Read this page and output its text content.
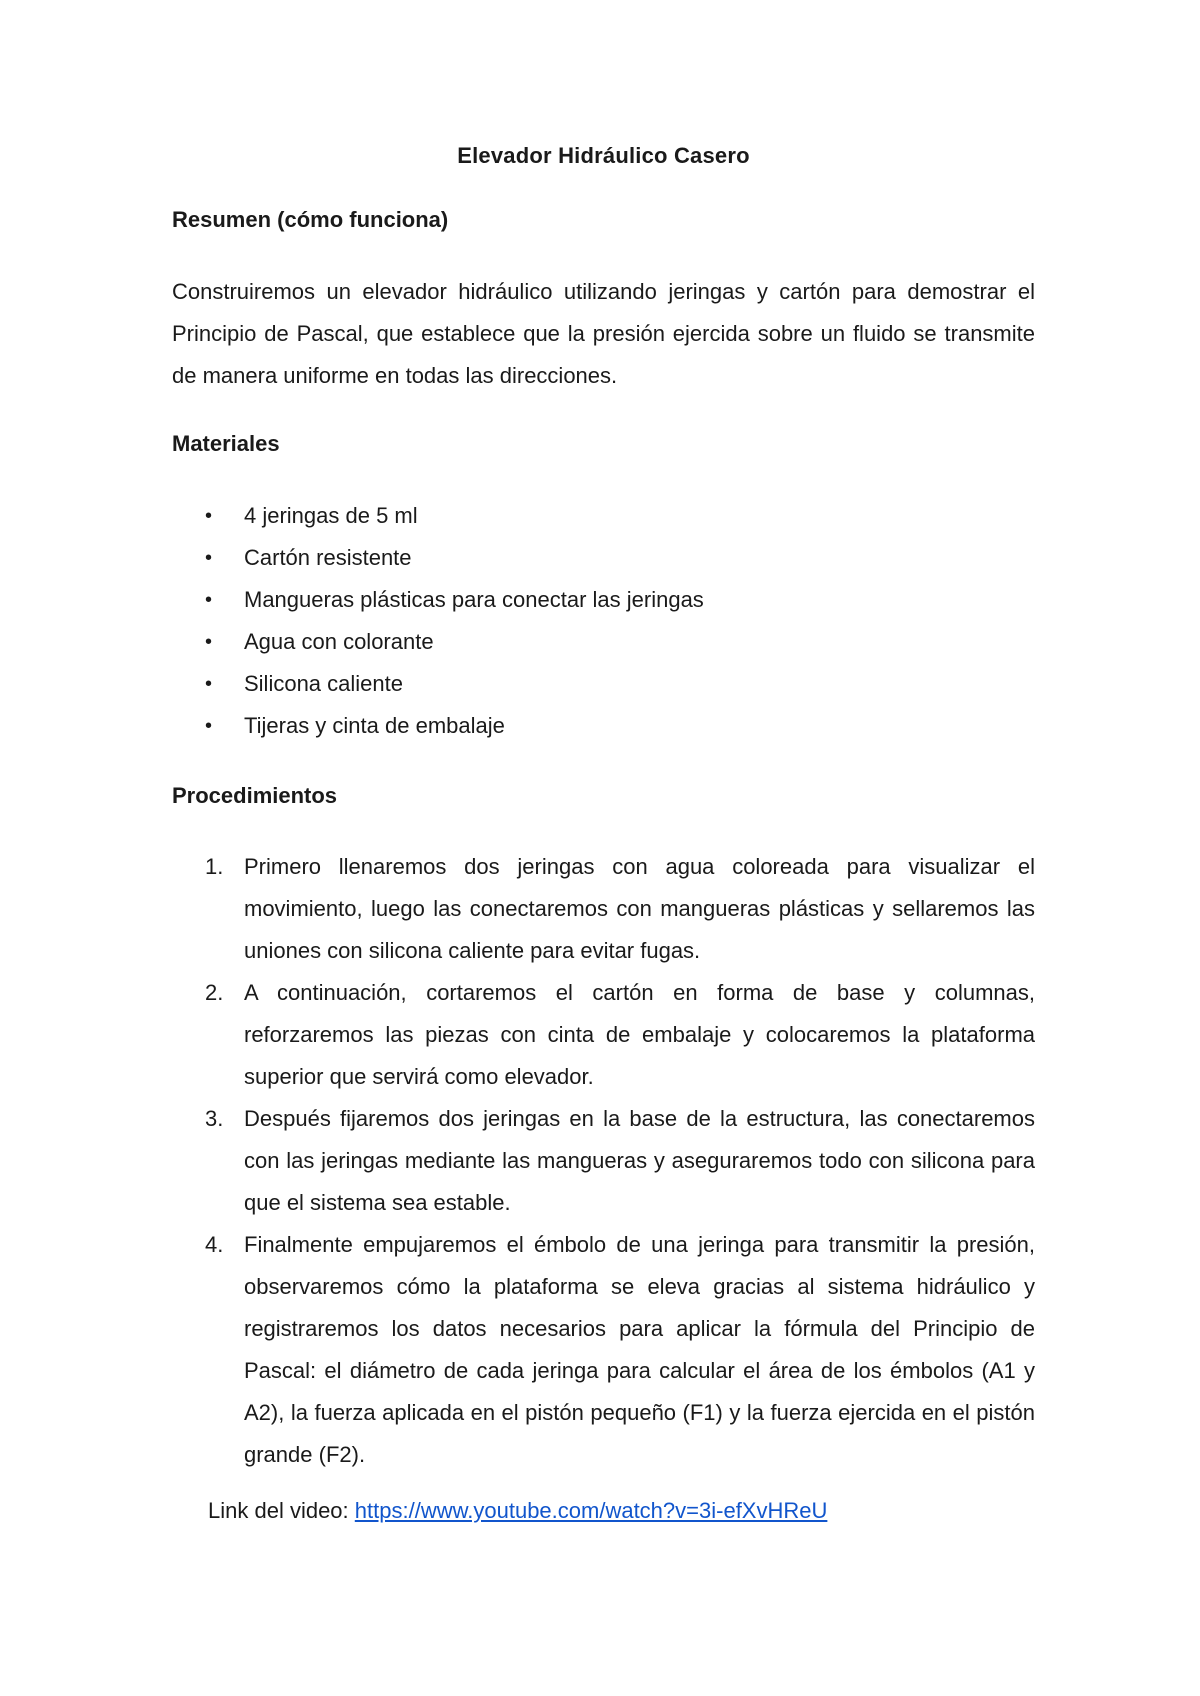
Elevador Hidráulico Casero
Resumen (cómo funciona)

Construiremos un elevador hidráulico utilizando jeringas y cartón para demostrar el Principio de Pascal, que establece que la presión ejercida sobre un fluido se transmite de manera uniforme en todas las direcciones.

Materiales
• 4 jeringas de 5 ml
• Cartón resistente
• Mangueras plásticas para conectar las jeringas
• Agua con colorante
• Silicona caliente
• Tijeras y cinta de embalaje
Procedimientos
1. Primero llenaremos dos jeringas con agua coloreada para visualizar el movimiento, luego las conectaremos con mangueras plásticas y sellaremos las uniones con silicona caliente para evitar fugas.
2. A continuación, cortaremos el cartón en forma de base y columnas, reforzaremos las piezas con cinta de embalaje y colocaremos la plataforma superior que servirá como elevador.
3. Después fijaremos dos jeringas en la base de la estructura, las conectaremos con las jeringas mediante las mangueras y aseguraremos todo con silicona para que el sistema sea estable.
4. Finalmente empujaremos el émbolo de una jeringa para transmitir la presión, observaremos cómo la plataforma se eleva gracias al sistema hidráulico y registraremos los datos necesarios para aplicar la fórmula del Principio de Pascal: el diámetro de cada jeringa para calcular el área de los émbolos (A1 y A2), la fuerza aplicada en el pistón pequeño (F1) y la fuerza ejercida en el pistón grande (F2).

Link del video: https://www.youtube.com/watch?v=3i-efXvHReU
